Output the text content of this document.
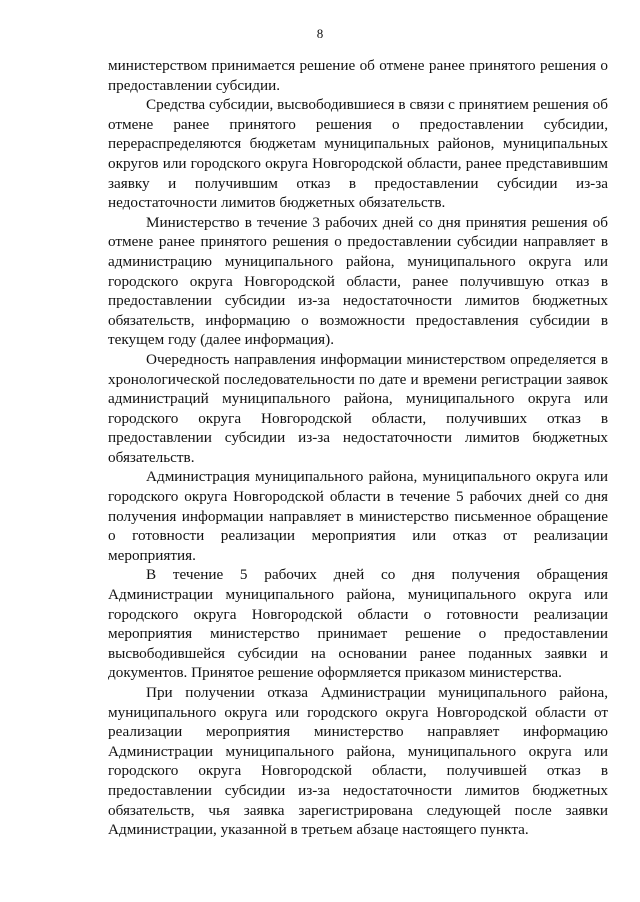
8

министерством принимается решение об отмене ранее принятого решения о предоставлении субсидии.

Средства субсидии, высвободившиеся в связи с принятием решения об отмене ранее принятого решения о предоставлении субсидии, перераспределяются бюджетам муниципальных районов, муниципальных округов или городского округа Новгородской области, ранее представившим заявку и получившим отказ в предоставлении субсидии из-за недостаточности лимитов бюджетных обязательств.

Министерство в течение 3 рабочих дней со дня принятия решения об отмене ранее принятого решения о предоставлении субсидии направляет в администрацию муниципального района, муниципального округа или городского округа Новгородской области, ранее получившую отказ в предоставлении субсидии из-за недостаточности лимитов бюджетных обязательств, информацию о возможности предоставления субсидии в текущем году (далее информация).

Очередность направления информации министерством определяется в хронологической последовательности по дате и времени регистрации заявок администраций муниципального района, муниципального округа или городского округа Новгородской области, получивших отказ в предоставлении субсидии из-за недостаточности лимитов бюджетных обязательств.

Администрация муниципального района, муниципального округа или городского округа Новгородской области в течение 5 рабочих дней со дня получения информации направляет в министерство письменное обращение о готовности реализации мероприятия или отказ от реализации мероприятия.

В течение 5 рабочих дней со дня получения обращения Администрации муниципального района, муниципального округа или городского округа Новгородской области о готовности реализации мероприятия министерство принимает решение о предоставлении высвободившейся субсидии на основании ранее поданных заявки и документов. Принятое решение оформляется приказом министерства.

При получении отказа Администрации муниципального района, муниципального округа или городского округа Новгородской области от реализации мероприятия министерство направляет информацию Администрации муниципального района, муниципального округа или городского округа Новгородской области, получившей отказ в предоставлении субсидии из-за недостаточности лимитов бюджетных обязательств, чья заявка зарегистрирована следующей после заявки Администрации, указанной в третьем абзаце настоящего пункта.
